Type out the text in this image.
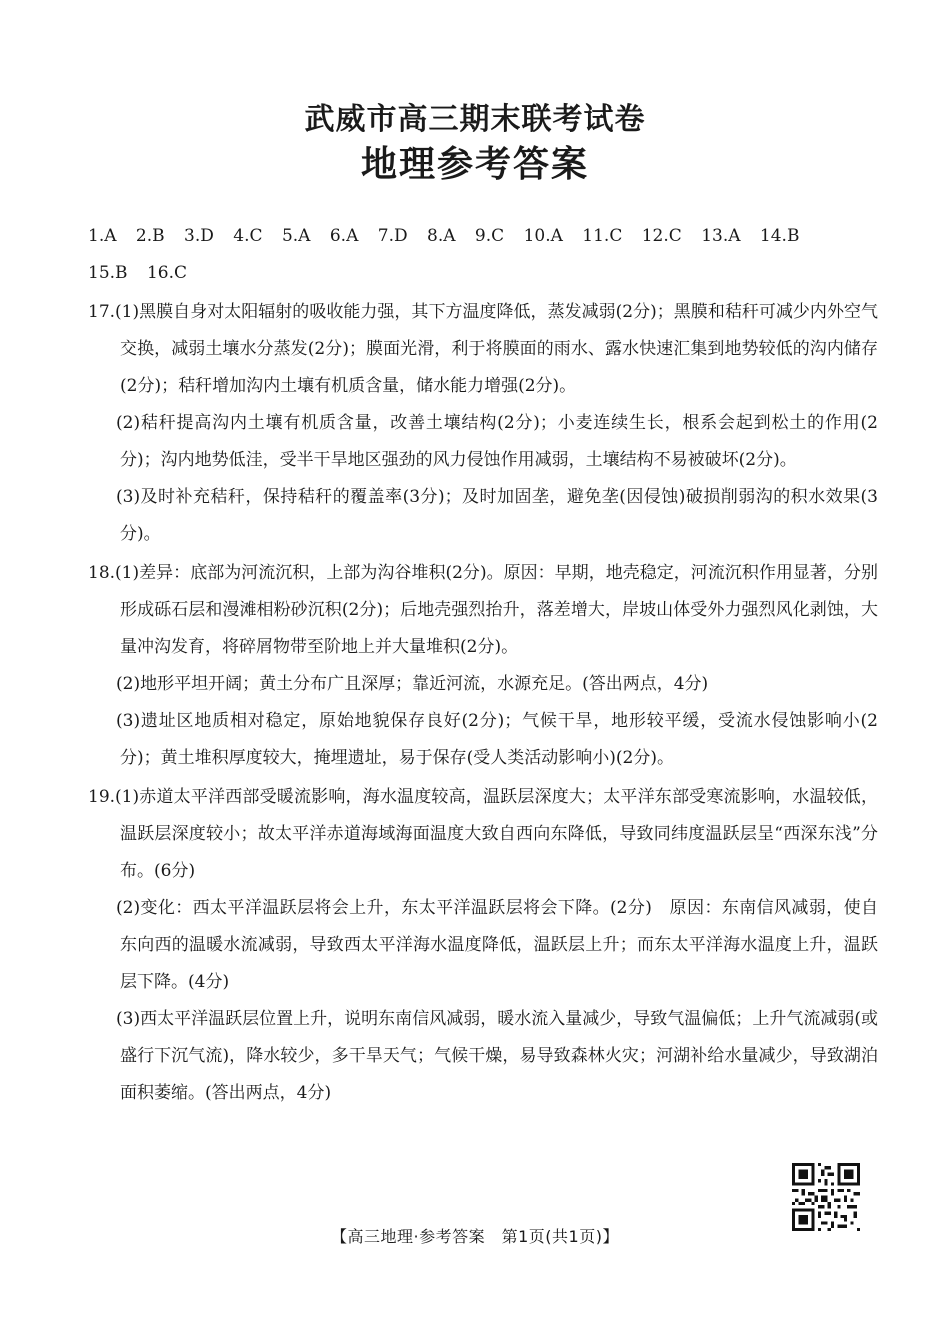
武威市高三期末联考试卷
地理参考答案
1.A 2.B 3.D 4.C 5.A 6.A 7.D 8.A 9.C 10.A 11.C 12.C 13.A 14.B
15.B 16.C
17.(1)黑膜自身对太阳辐射的吸收能力强，其下方温度降低，蒸发减弱(2分)；黑膜和秸秆可减少内外空气交换，减弱土壤水分蒸发(2分)；膜面光滑，利于将膜面的雨水、露水快速汇集到地势较低的沟内储存(2分)；秸秆增加沟内土壤有机质含量，储水能力增强(2分)。
(2)秸秆提高沟内土壤有机质含量，改善土壤结构(2分)；小麦连续生长，根系会起到松土的作用(2分)；沟内地势低洼，受半干旱地区强劲的风力侵蚀作用减弱，土壤结构不易被破坏(2分)。
(3)及时补充秸秆，保持秸秆的覆盖率(3分)；及时加固垄，避免垄(因侵蚀)破损削弱沟的积水效果(3分)。
18.(1)差异：底部为河流沉积，上部为沟谷堆积(2分)。原因：早期，地壳稳定，河流沉积作用显著，分别形成砾石层和漫滩相粉砂沉积(2分)；后地壳强烈抬升，落差增大，岸坡山体受外力强烈风化剥蚀，大量冲沟发育，将碎屑物带至阶地上并大量堆积(2分)。
(2)地形平坦开阔；黄土分布广且深厚；靠近河流，水源充足。(答出两点，4分)
(3)遗址区地质相对稳定，原始地貌保存良好(2分)；气候干旱，地形较平缓，受流水侵蚀影响小(2分)；黄土堆积厚度较大，掩埋遗址，易于保存(受人类活动影响小)(2分)。
19.(1)赤道太平洋西部受暖流影响，海水温度较高，温跃层深度大；太平洋东部受寒流影响，水温较低，温跃层深度较小；故太平洋赤道海域海面温度大致自西向东降低，导致同纬度温跃层呈“西深东浅”分布。(6分)
(2)变化：西太平洋温跃层将会上升，东太平洋温跃层将会下降。(2分)　原因：东南信风减弱，使自东向西的温暖水流减弱，导致西太平洋海水温度降低，温跃层上升；而东太平洋海水温度上升，温跃层下降。(4分)
(3)西太平洋温跃层位置上升，说明东南信风减弱，暖水流入量减少，导致气温偏低；上升气流减弱(或盛行下沉气流)，降水较少，多干旱天气；气候干燥，易导致森林火灾；河湖补给水量减少，导致湖泊面积萎缩。(答出两点，4分)
【高三地理·参考答案　第1页(共1页)】
